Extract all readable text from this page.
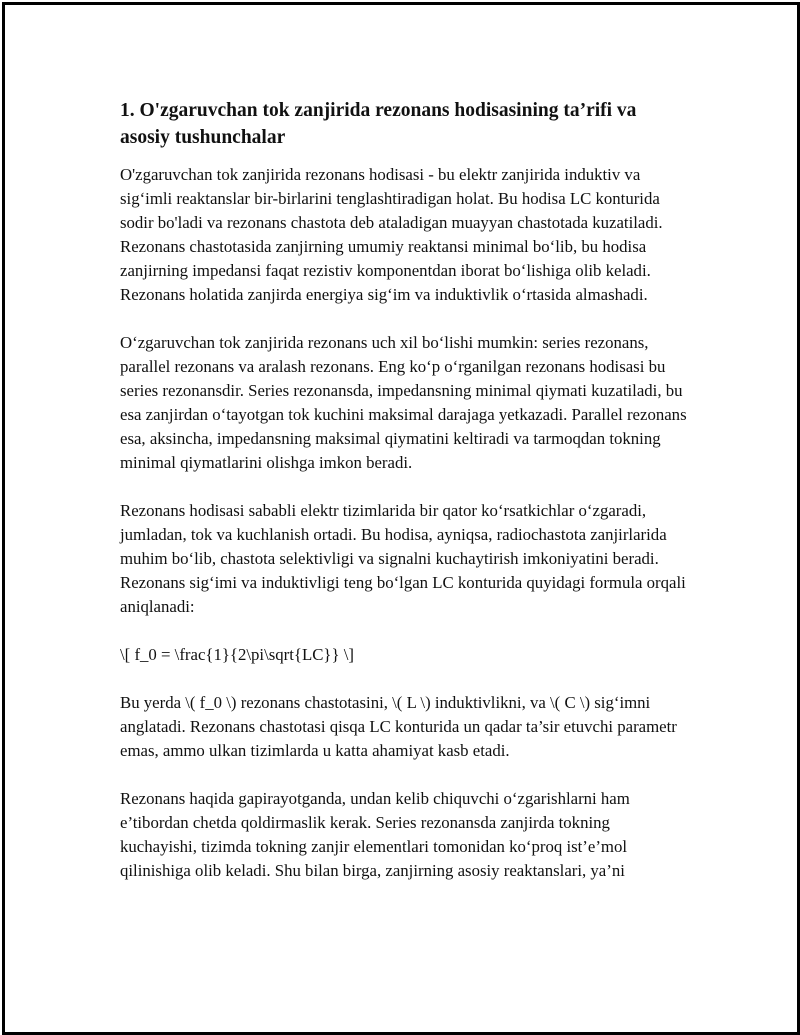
1. O'zgaruvchan tok zanjirida rezonans hodisasining ta’rifi va asosiy tushunchalar

O'zgaruvchan tok zanjirida rezonans hodisasi - bu elektr zanjirida induktiv va sig‘imli reaktanslar bir-birlarini tenglashtiradigan holat. Bu hodisa LC konturida sodir bo'ladi va rezonans chastota deb ataladigan muayyan chastotada kuzatiladi. Rezonans chastotasida zanjirning umumiy reaktansi minimal bo‘lib, bu hodisa zanjirning impedansi faqat rezistiv komponentdan iborat bo‘lishiga olib keladi. Rezonans holatida zanjirda energiya sig‘im va induktivlik o‘rtasida almashadi.

O‘zgaruvchan tok zanjirida rezonans uch xil bo‘lishi mumkin: series rezonans, parallel rezonans va aralash rezonans. Eng ko‘p o‘rganilgan rezonans hodisasi bu series rezonansdir. Series rezonansda, impedansning minimal qiymati kuzatiladi, bu esa zanjirdan o‘tayotgan tok kuchini maksimal darajaga yetkazadi. Parallel rezonans esa, aksincha, impedansning maksimal qiymatini keltiradi va tarmoqdan tokning minimal qiymatlarini olishga imkon beradi.

Rezonans hodisasi sababli elektr tizimlarida bir qator ko‘rsatkichlar o‘zgaradi, jumladan, tok va kuchlanish ortadi. Bu hodisa, ayniqsa, radiochastota zanjirlarida muhim bo‘lib, chastota selektivligi va signalni kuchaytirish imkoniyatini beradi. Rezonans sig‘imi va induktivligi teng bo‘lgan LC konturida quyidagi formula orqali aniqlanadi:

\[ f_0 = \frac{1}{2\pi\sqrt{LC}} \]

Bu yerda \( f_0 \) rezonans chastotasini, \( L \) induktivlikni, va \( C \) sig‘imni anglatadi. Rezonans chastotasi qisqa LC konturida un qadar ta’sir etuvchi parametr emas, ammo ulkan tizimlarda u katta ahamiyat kasb etadi.

Rezonans haqida gapirayotganda, undan kelib chiquvchi o‘zgarishlarni ham e’tibordan chetda qoldirmaslik kerak. Series rezonansda zanjirda tokning kuchayishi, tizimda tokning zanjir elementlari tomonidan ko‘proq ist’e’mol qilinishiga olib keladi. Shu bilan birga, zanjirning asosiy reaktanslari, ya’ni
